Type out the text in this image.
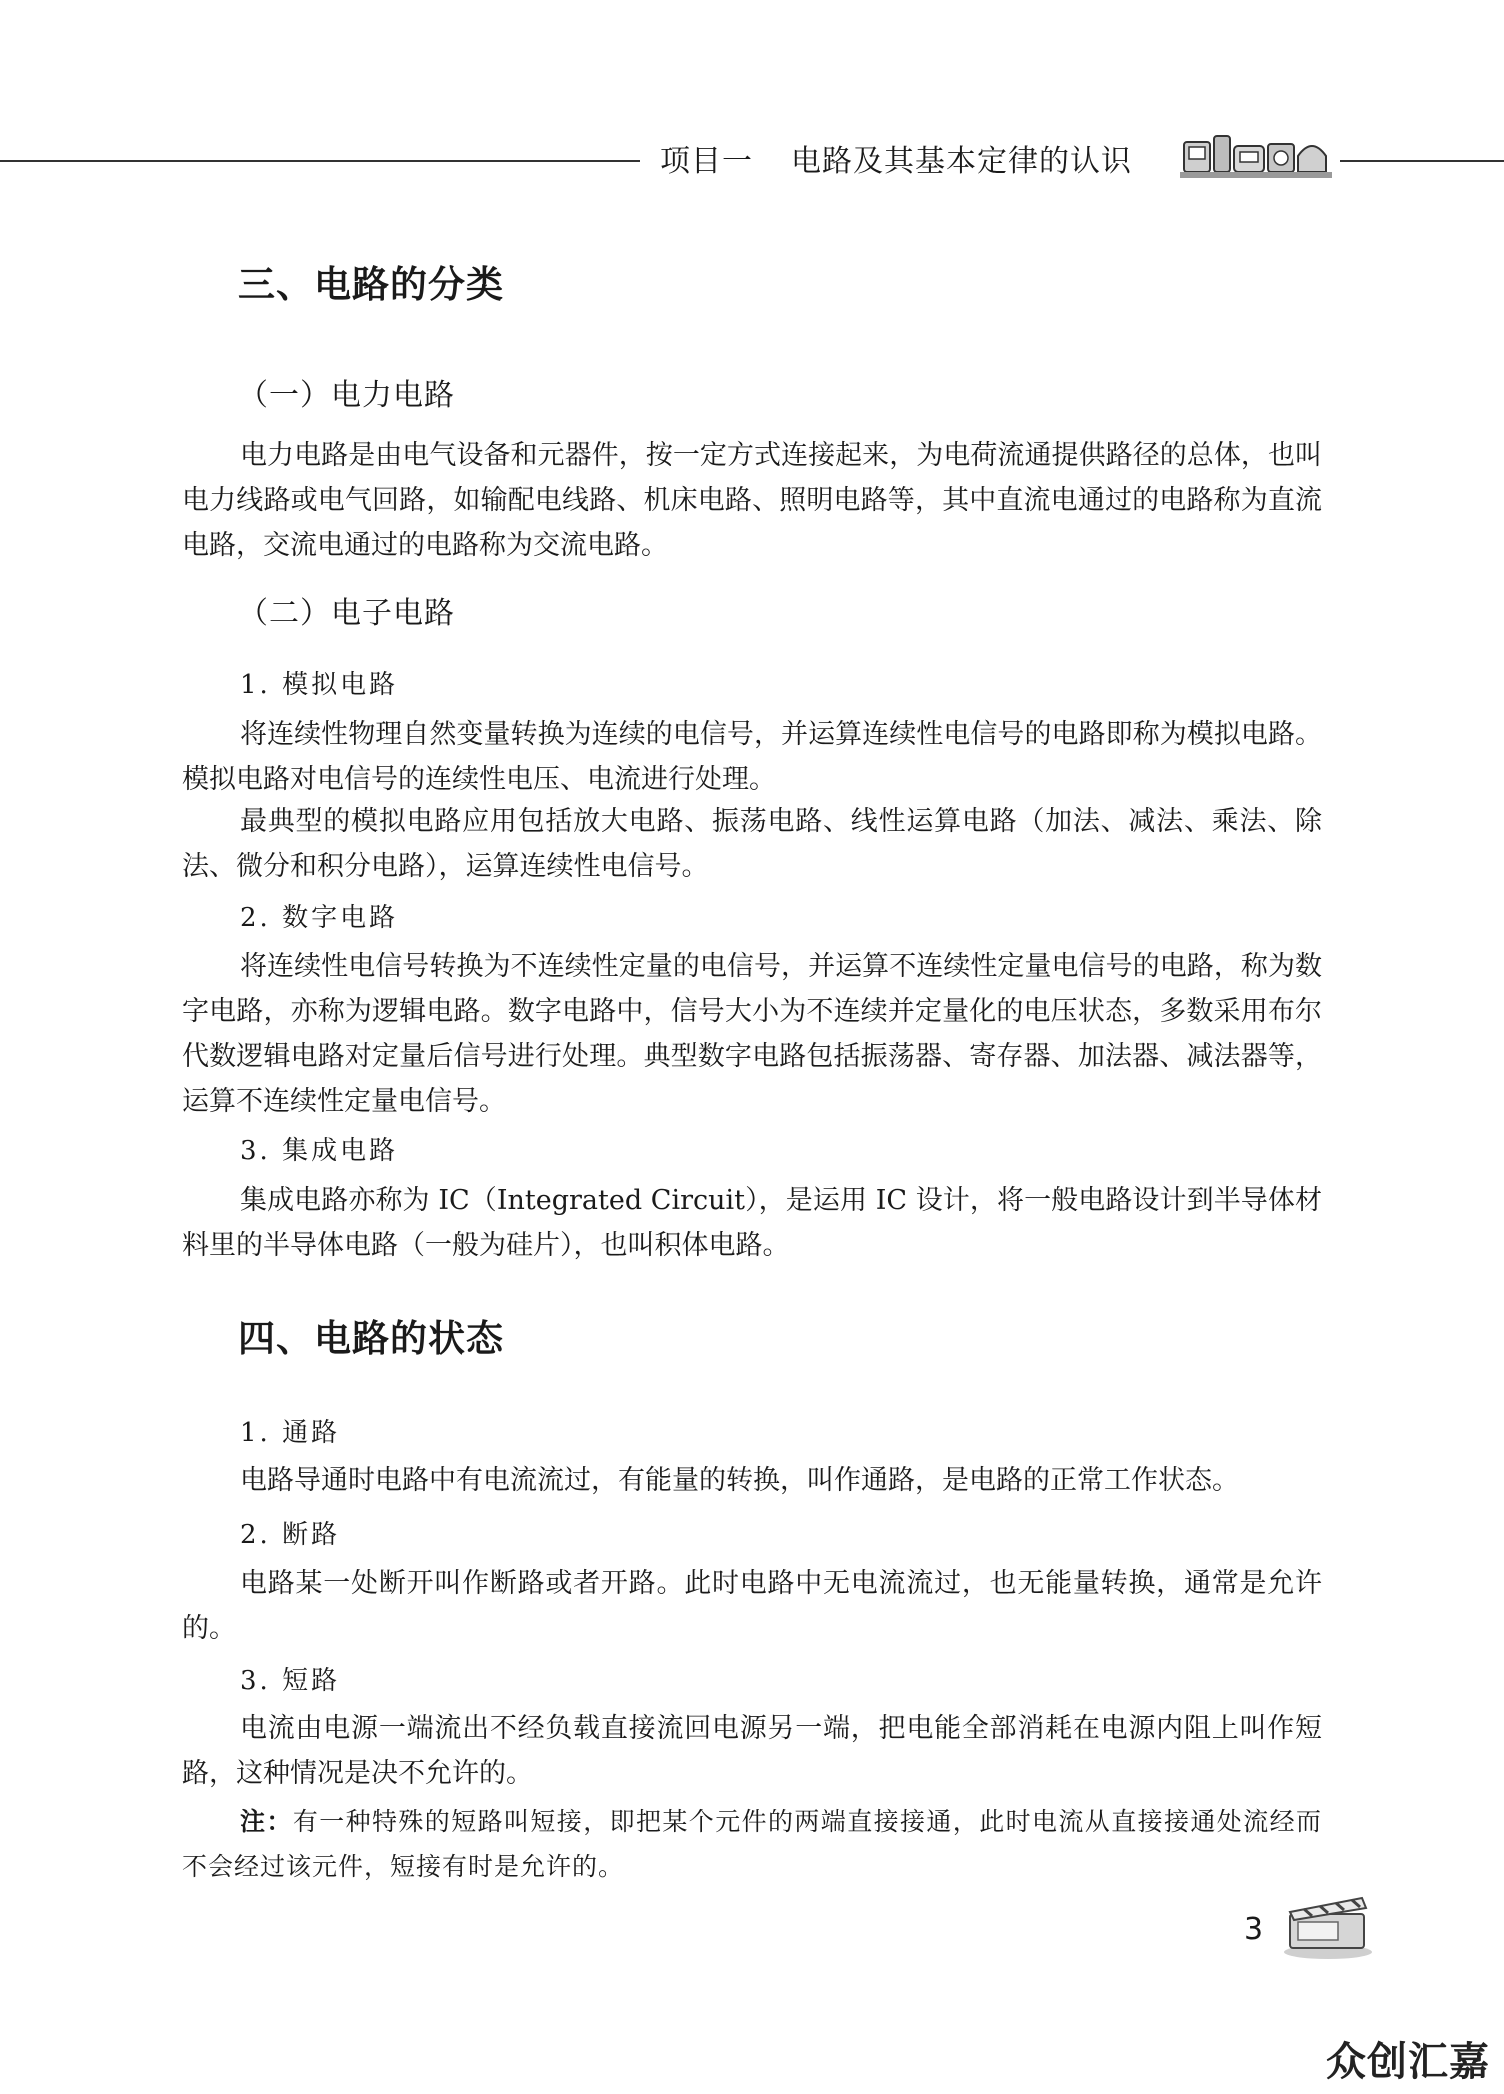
项目一 电路及其基本定律的认识
三、电路的分类
（一）电力电路

电力电路是由电气设备和元器件，按一定方式连接起来，为电荷流通提供路径的总体，也叫电力线路或电气回路，如输配电线路、机床电路、照明电路等，其中直流电通过的电路称为直流电路，交流电通过的电路称为交流电路。

（二）电子电路
1. 模拟电路

将连续性物理自然变量转换为连续的电信号，并运算连续性电信号的电路即称为模拟电路。模拟电路对电信号的连续性电压、电流进行处理。

最典型的模拟电路应用包括放大电路、振荡电路、线性运算电路（加法、减法、乘法、除法、微分和积分电路），运算连续性电信号。

2. 数字电路

将连续性电信号转换为不连续性定量的电信号，并运算不连续性定量电信号的电路，称为数字电路，亦称为逻辑电路。数字电路中，信号大小为不连续并定量化的电压状态，多数采用布尔代数逻辑电路对定量后信号进行处理。典型数字电路包括振荡器、寄存器、加法器、减法器等，运算不连续性定量电信号。

3. 集成电路

集成电路亦称为 IC（Integrated Circuit），是运用 IC 设计，将一般电路设计到半导体材料里的半导体电路（一般为硅片），也叫积体电路。

四、电路的状态
1. 通路

电路导通时电路中有电流流过，有能量的转换，叫作通路，是电路的正常工作状态。

2. 断路

电路某一处断开叫作断路或者开路。此时电路中无电流流过，也无能量转换，通常是允许的。

3. 短路

电流由电源一端流出不经负载直接流回电源另一端，把电能全部消耗在电源内阻上叫作短路，这种情况是决不允许的。

注：有一种特殊的短路叫短接，即把某个元件的两端直接接通，此时电流从直接接通处流经而不会经过该元件，短接有时是允许的。

3
众创汇嘉
